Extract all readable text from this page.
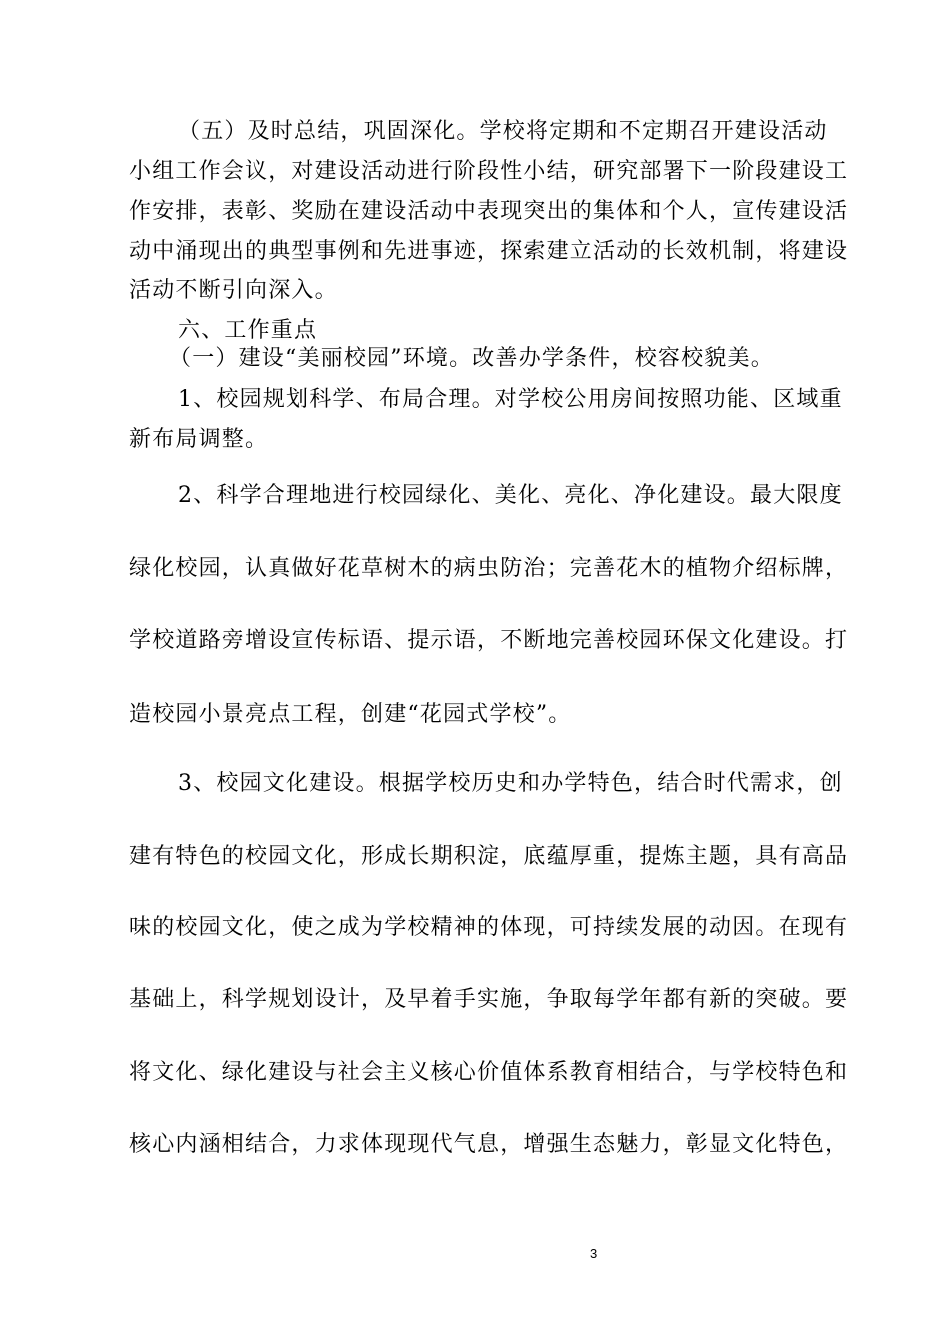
（五）及时总结，巩固深化。学校将定期和不定期召开建设活动
小组工作会议，对建设活动进行阶段性小结，研究部署下一阶段建设工
作安排，表彰、奖励在建设活动中表现突出的集体和个人，宣传建设活
动中涌现出的典型事例和先进事迹，探索建立活动的长效机制，将建设
活动不断引向深入。
六、工作重点
（一）建设“美丽校园”环境。改善办学条件，校容校貌美。
1、校园规划科学、布局合理。对学校公用房间按照功能、区域重
新布局调整。
2、科学合理地进行校园绿化、美化、亮化、净化建设。最大限度
绿化校园，认真做好花草树木的病虫防治；完善花木的植物介绍标牌，
学校道路旁增设宣传标语、提示语，不断地完善校园环保文化建设。打
造校园小景亮点工程，创建“花园式学校”。
3、校园文化建设。根据学校历史和办学特色，结合时代需求，创
建有特色的校园文化，形成长期积淀，底蕴厚重，提炼主题，具有高品
味的校园文化，使之成为学校精神的体现，可持续发展的动因。在现有
基础上，科学规划设计，及早着手实施，争取每学年都有新的突破。要
将文化、绿化建设与社会主义核心价值体系教育相结合，与学校特色和
核心内涵相结合，力求体现现代气息，增强生态魅力，彰显文化特色，
3
